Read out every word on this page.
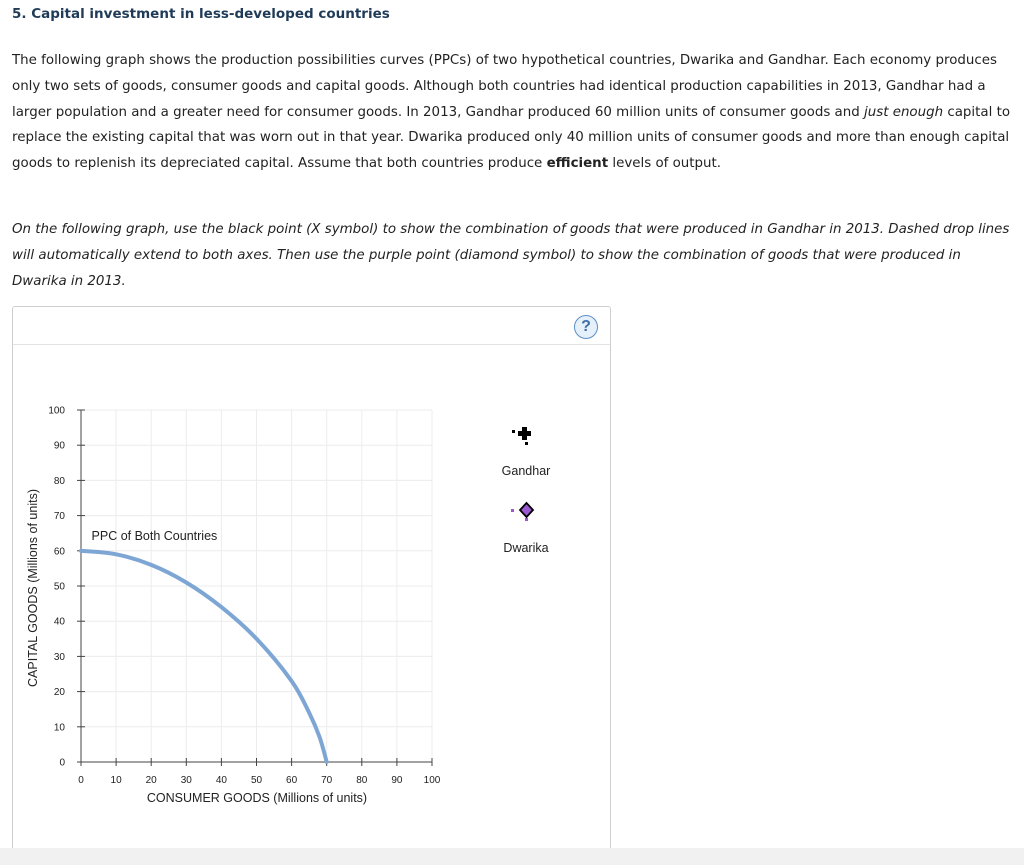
5. Capital investment in less-developed countries
The following graph shows the production possibilities curves (PPCs) of two hypothetical countries, Dwarika and Gandhar. Each economy produces only two sets of goods, consumer goods and capital goods. Although both countries had identical production capabilities in 2013, Gandhar had a larger population and a greater need for consumer goods. In 2013, Gandhar produced 60 million units of consumer goods and just enough capital to replace the existing capital that was worn out in that year. Dwarika produced only 40 million units of consumer goods and more than enough capital goods to replenish its depreciated capital. Assume that both countries produce efficient levels of output.
On the following graph, use the black point (X symbol) to show the combination of goods that were produced in Gandhar in 2013. Dashed drop lines will automatically extend to both axes. Then use the purple point (diamond symbol) to show the combination of goods that were produced in Dwarika in 2013.
?
0	10 20 30 40 50 60 70 80 90 100
0
10
20
30
40
50
60
70
80
90
100
PPC of Both Countries
CONSUMER GOODS (Millions of units)
CAPITAL GOODS (Millions of units)
Gandhar
Dwarika
